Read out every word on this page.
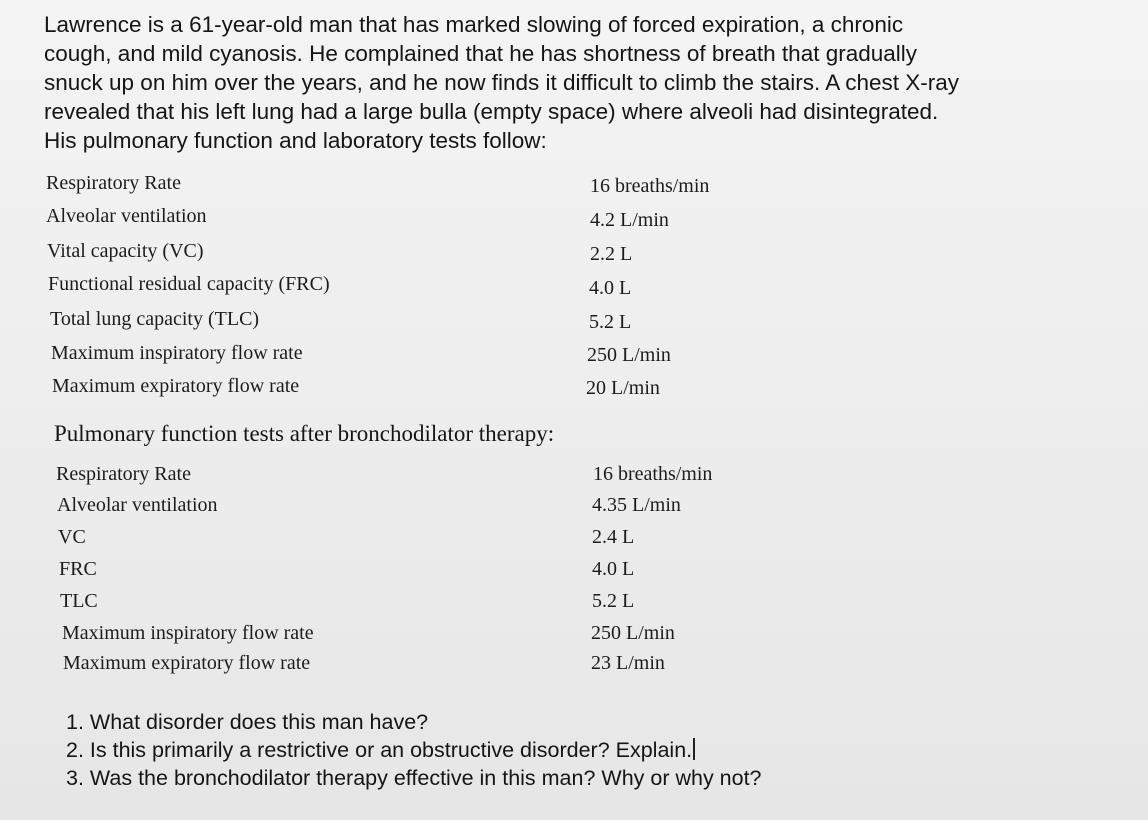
Lawrence is a 61-year-old man that has marked slowing of forced expiration, a chronic
cough, and mild cyanosis. He complained that he has shortness of breath that gradually
snuck up on him over the years, and he now finds it difficult to climb the stairs. A chest X-ray
revealed that his left lung had a large bulla (empty space) where alveoli had disintegrated.
His pulmonary function and laboratory tests follow:
Respiratory Rate	16 breaths/min
Alveolar ventilation	4.2 L/min
Vital capacity (VC)	2.2 L
Functional residual capacity (FRC)	4.0 L
Total lung capacity (TLC)	5.2 L
Maximum inspiratory flow rate	250 L/min
Maximum expiratory flow rate	20 L/min
Pulmonary function tests after bronchodilator therapy:
Respiratory Rate	16 breaths/min
Alveolar ventilation	4.35 L/min
VC	2.4 L
FRC	4.0 L
TLC	5.2 L
Maximum inspiratory flow rate	250 L/min
Maximum expiratory flow rate	23 L/min
1. What disorder does this man have?
2. Is this primarily a restrictive or an obstructive disorder? Explain.
3. Was the bronchodilator therapy effective in this man? Why or why not?
